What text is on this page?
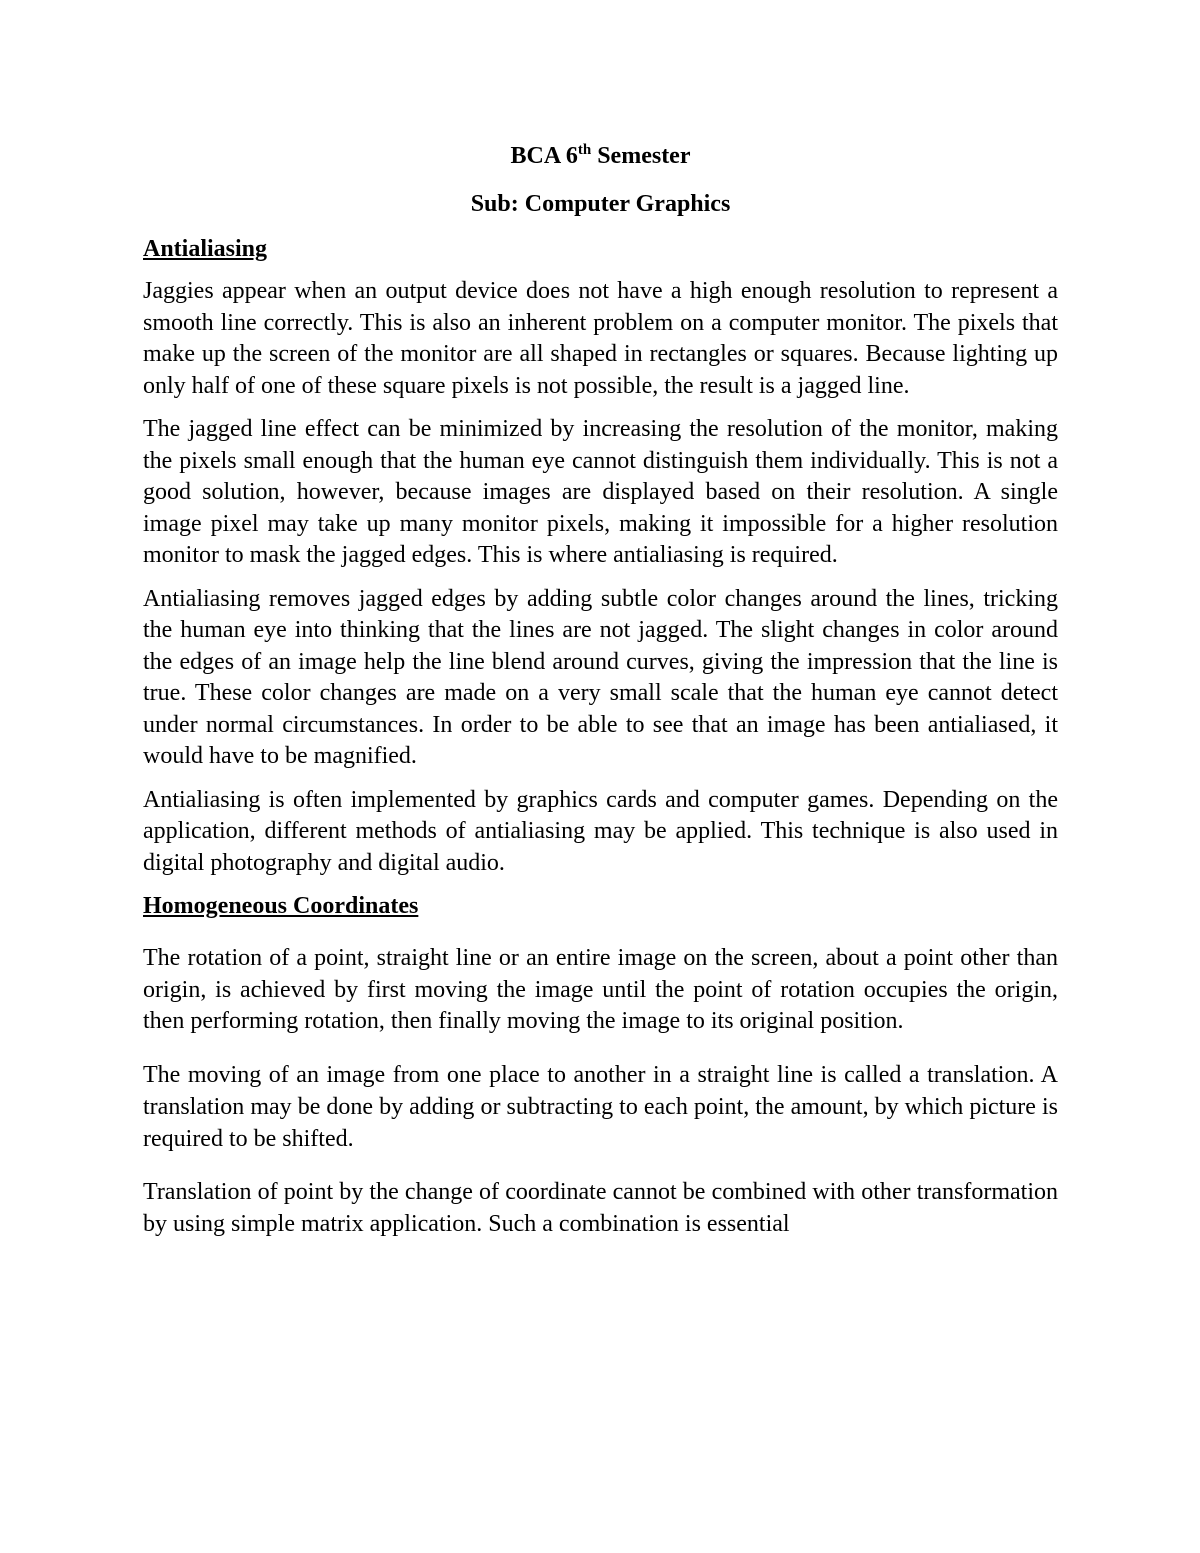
BCA 6th Semester
Sub: Computer Graphics
Antialiasing

Jaggies appear when an output device does not have a high enough resolution to represent a smooth line correctly. This is also an inherent problem on a computer monitor. The pixels that make up the screen of the monitor are all shaped in rectangles or squares. Because lighting up only half of one of these square pixels is not possible, the result is a jagged line.

The jagged line effect can be minimized by increasing the resolution of the monitor, making the pixels small enough that the human eye cannot distinguish them individually. This is not a good solution, however, because images are displayed based on their resolution. A single image pixel may take up many monitor pixels, making it impossible for a higher resolution monitor to mask the jagged edges. This is where antialiasing is required.

Antialiasing removes jagged edges by adding subtle color changes around the lines, tricking the human eye into thinking that the lines are not jagged. The slight changes in color around the edges of an image help the line blend around curves, giving the impression that the line is true. These color changes are made on a very small scale that the human eye cannot detect under normal circumstances. In order to be able to see that an image has been antialiased, it would have to be magnified.

Antialiasing is often implemented by graphics cards and computer games. Depending on the application, different methods of antialiasing may be applied. This technique is also used in digital photography and digital audio.

Homogeneous Coordinates

The rotation of a point, straight line or an entire image on the screen, about a point other than origin, is achieved by first moving the image until the point of rotation occupies the origin, then performing rotation, then finally moving the image to its original position.

The moving of an image from one place to another in a straight line is called a translation. A translation may be done by adding or subtracting to each point, the amount, by which picture is required to be shifted.

Translation of point by the change of coordinate cannot be combined with other transformation by using simple matrix application. Such a combination is essential
